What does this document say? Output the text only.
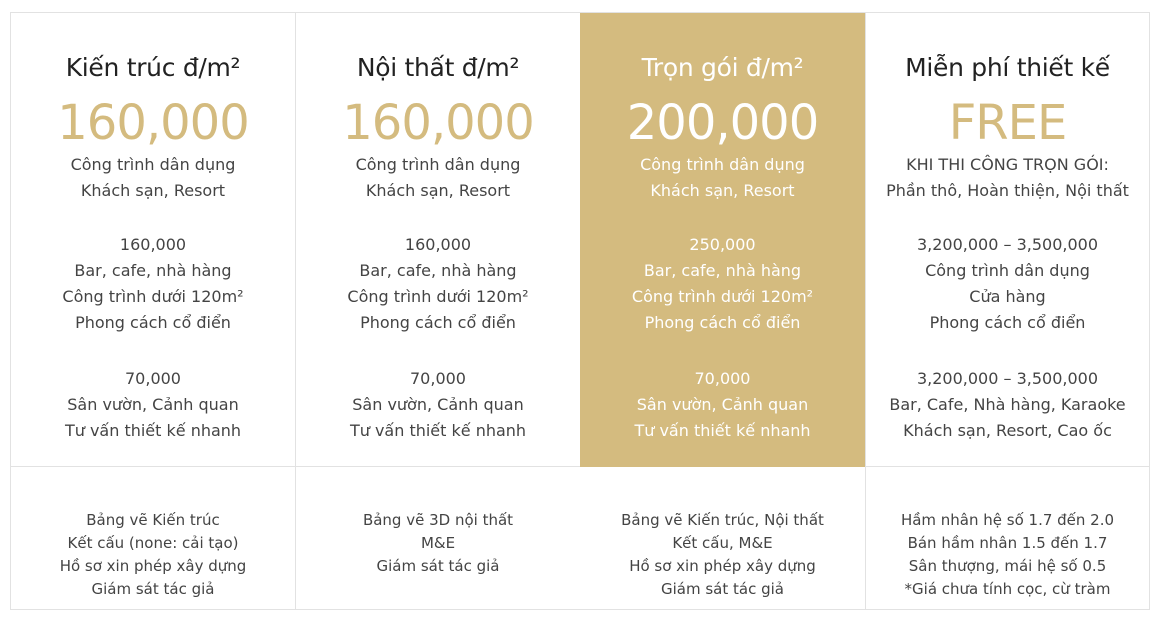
Kiến trúc đ/m²
160,000
Công trình dân dụng
Khách sạn, Resort
160,000
Bar, cafe, nhà hàng
Công trình dưới 120m²
Phong cách cổ điển
70,000
Sân vườn, Cảnh quan
Tư vấn thiết kế nhanh
Bảng vẽ Kiến trúc
Kết cấu (none: cải tạo)
Hồ sơ xin phép xây dựng
Giám sát tác giả
Nội thất đ/m²
160,000
Công trình dân dụng
Khách sạn, Resort
160,000
Bar, cafe, nhà hàng
Công trình dưới 120m²
Phong cách cổ điển
70,000
Sân vườn, Cảnh quan
Tư vấn thiết kế nhanh
Bảng vẽ 3D nội thất
M&E
Giám sát tác giả
Trọn gói đ/m²
200,000
Công trình dân dụng
Khách sạn, Resort
250,000
Bar, cafe, nhà hàng
Công trình dưới 120m²
Phong cách cổ điển
70,000
Sân vườn, Cảnh quan
Tư vấn thiết kế nhanh
Bảng vẽ Kiến trúc, Nội thất
Kết cấu, M&E
Hồ sơ xin phép xây dựng
Giám sát tác giả
Miễn phí thiết kế
FREE
KHI THI CÔNG TRỌN GÓI:
Phần thô, Hoàn thiện, Nội thất
3,200,000 – 3,500,000
Công trình dân dụng
Cửa hàng
Phong cách cổ điển
3,200,000 – 3,500,000
Bar, Cafe, Nhà hàng, Karaoke
Khách sạn, Resort, Cao ốc
Hầm nhân hệ số 1.7 đến 2.0
Bán hầm nhân 1.5 đến 1.7
Sân thượng, mái hệ số 0.5
*Giá chưa tính cọc, cừ tràm
